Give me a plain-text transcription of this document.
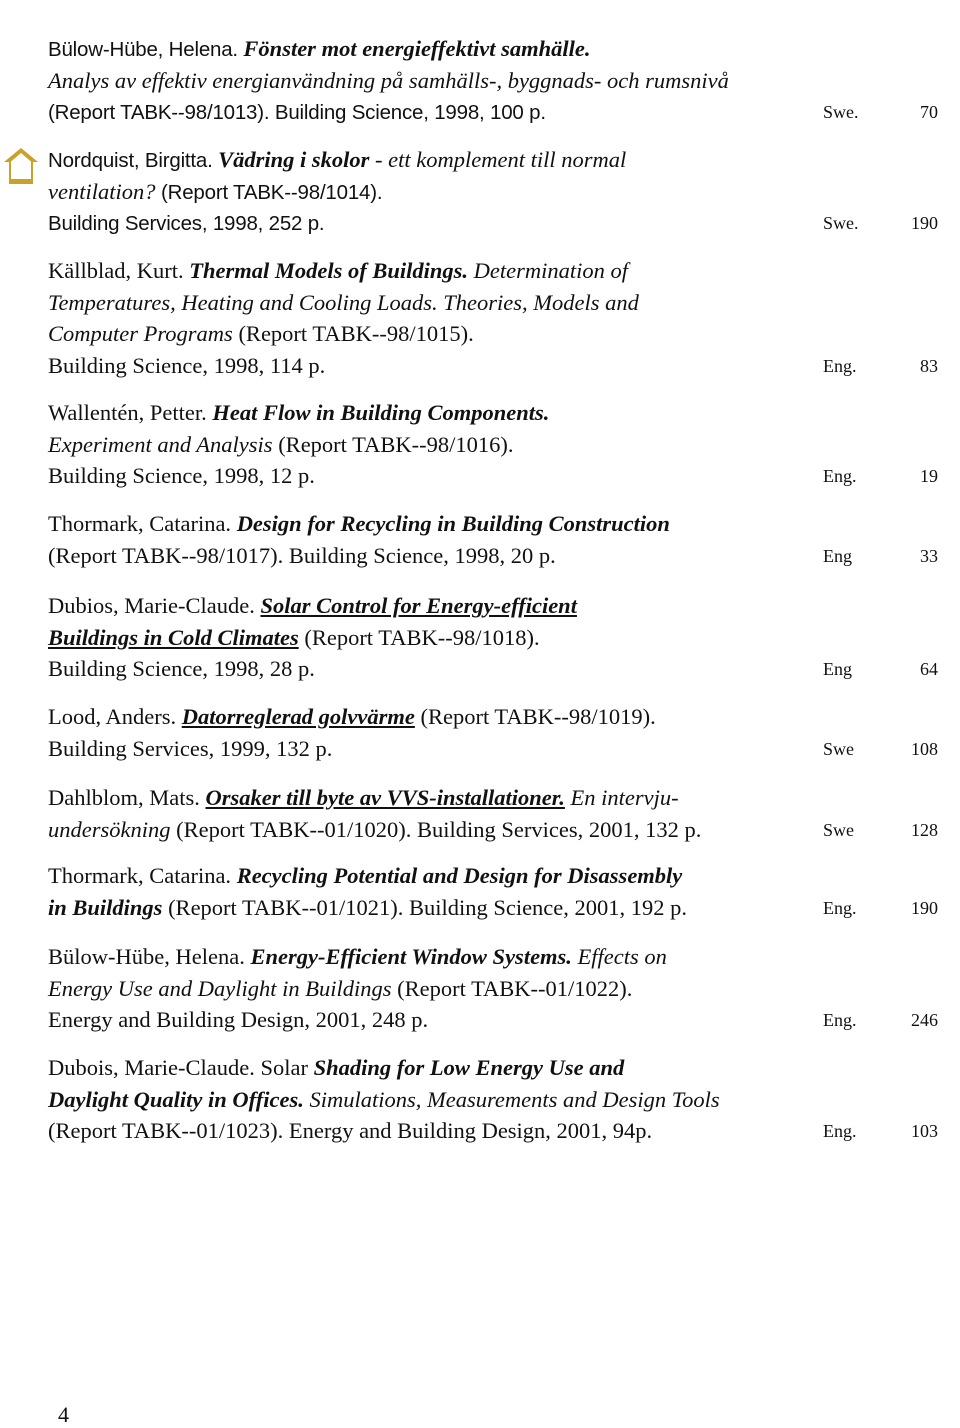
Bülow-Hübe, Helena. Fönster mot energieffektivt samhälle.
Analys av effektiv energianvändning på samhälls-, byggnads- och rumsnivå
(Report TABK--98/1013). Building Science, 1998, 100 p.	Swe.	70
Nordquist, Birgitta. Vädring i skolor - ett komplement till normal
ventilation? (Report TABK--98/1014).
Building Services, 1998, 252 p.	Swe.	190
Källblad, Kurt. Thermal Models of Buildings. Determination of
Temperatures, Heating and Cooling Loads. Theories, Models and
Computer Programs (Report TABK--98/1015).
Building Science, 1998, 114 p.	Eng.	83
Wallentén, Petter. Heat Flow in Building Components.
Experiment and Analysis (Report TABK--98/1016).
Building Science, 1998, 12 p.	Eng.	19
Thormark, Catarina. Design for Recycling in Building Construction
(Report TABK--98/1017). Building Science, 1998, 20 p.	Eng	33
Dubios, Marie-Claude. Solar Control for Energy-efficient
Buildings in Cold Climates (Report TABK--98/1018).
Building Science, 1998, 28 p.	Eng	64
Lood, Anders. Datorreglerad golvvärme (Report TABK--98/1019).
Building Services, 1999, 132 p.	Swe	108
Dahlblom, Mats. Orsaker till byte av VVS-installationer. En intervju-
undersökning (Report TABK--01/1020). Building Services, 2001, 132 p.	Swe	128
Thormark, Catarina. Recycling Potential and Design for Disassembly
in Buildings (Report TABK--01/1021). Building Science, 2001, 192 p.	Eng.	190
Bülow-Hübe, Helena. Energy-Efficient Window Systems. Effects on
Energy Use and Daylight in Buildings (Report TABK--01/1022).
Energy and Building Design, 2001, 248 p.	Eng.	246
Dubois, Marie-Claude. Solar Shading for Low Energy Use and
Daylight Quality in Offices. Simulations, Measurements and Design Tools
(Report TABK--01/1023). Energy and Building Design, 2001, 94p.	Eng.	103
4
